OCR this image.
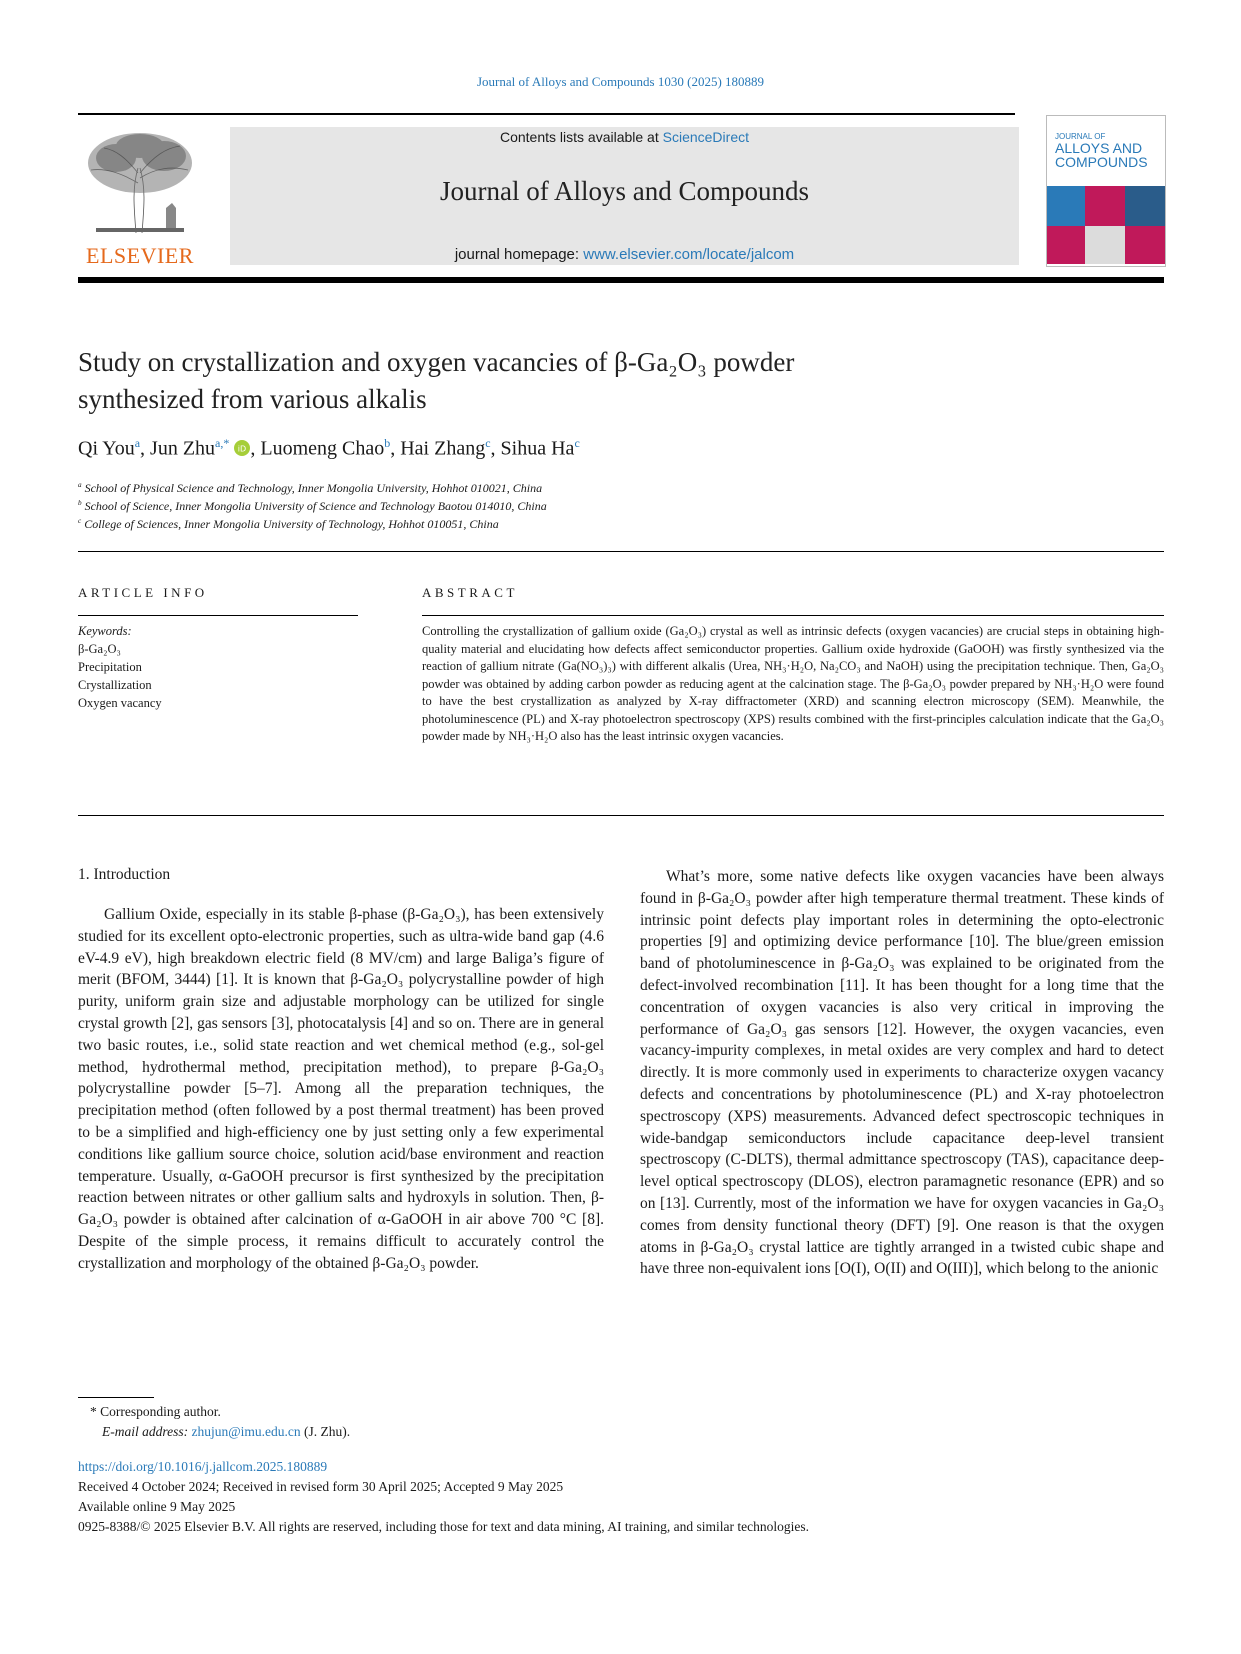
Journal of Alloys and Compounds 1030 (2025) 180889
ELSEVIER
Contents lists available at ScienceDirect
Journal of Alloys and Compounds
journal homepage: www.elsevier.com/locate/jalcom
JOURNAL OF
ALLOYS AND
COMPOUNDS
Study on crystallization and oxygen vacancies of β-Ga₂O₃ powder
synthesized from various alkalis
Qi You$^a$, Jun Zhu$^{a,*}$ iD , Luomeng Chao$^b$, Hai Zhang$^c$, Sihua Ha$^c$
$^a$ School of Physical Science and Technology, Inner Mongolia University, Hohhot 010021, China
$^b$ School of Science, Inner Mongolia University of Science and Technology Baotou 014010, China
$^c$ College of Sciences, Inner Mongolia University of Technology, Hohhot 010051, China
ARTICLE INFO	ABSTRACT
Keywords:
β-Ga₂O₃
Precipitation
Crystallization
Oxygen vacancy
Controlling the crystallization of gallium oxide (Ga₂O₃) crystal as well as intrinsic defects (oxygen vacancies) are crucial steps in obtaining high-quality material and elucidating how defects affect semiconductor properties. Gallium oxide hydroxide (GaOOH) was firstly synthesized via the reaction of gallium nitrate (Ga(NO₃)₃) with different alkalis (Urea, NH₃·H₂O, Na₂CO₃ and NaOH) using the precipitation technique. Then, Ga₂O₃ powder was obtained by adding carbon powder as reducing agent at the calcination stage. The β-Ga₂O₃ powder prepared by NH₃·H₂O were found to have the best crystallization as analyzed by X-ray diffractometer (XRD) and scanning electron microscopy (SEM). Meanwhile, the photoluminescence (PL) and X-ray photoelectron spectroscopy (XPS) results combined with the first-principles calculation indicate that the Ga₂O₃ powder made by NH₃·H₂O also has the least intrinsic oxygen vacancies.
1. Introduction

Gallium Oxide, especially in its stable β-phase (β-Ga₂O₃), has been extensively studied for its excellent opto-electronic properties, such as ultra-wide band gap (4.6 eV-4.9 eV), high breakdown electric field (8 MV/cm) and large Baliga’s figure of merit (BFOM, 3444) [1]. It is known that β-Ga₂O₃ polycrystalline powder of high purity, uniform grain size and adjustable morphology can be utilized for single crystal growth [2], gas sensors [3], photocatalysis [4] and so on. There are in general two basic routes, i.e., solid state reaction and wet chemical method (e.g., sol-gel method, hydrothermal method, precipitation method), to prepare β-Ga₂O₃ polycrystalline powder [5–7]. Among all the preparation techniques, the precipitation method (often followed by a post thermal treatment) has been proved to be a simplified and high-efficiency one by just setting only a few experimental conditions like gallium source choice, solution acid/base environment and reaction temperature. Usually, α-GaOOH precursor is first synthesized by the precipitation reaction between nitrates or other gallium salts and hydroxyls in solution. Then, β-Ga₂O₃ powder is obtained after calcination of α-GaOOH in air above 700 °C [8]. Despite of the simple process, it remains difficult to accurately control the crystallization and morphology of the obtained β-Ga₂O₃ powder.

What’s more, some native defects like oxygen vacancies have been always found in β-Ga₂O₃ powder after high temperature thermal treatment. These kinds of intrinsic point defects play important roles in determining the opto-electronic properties [9] and optimizing device performance [10]. The blue/green emission band of photoluminescence in β-Ga₂O₃ was explained to be originated from the defect-involved recombination [11]. It has been thought for a long time that the concentration of oxygen vacancies is also very critical in improving the performance of Ga₂O₃ gas sensors [12]. However, the oxygen vacancies, even vacancy-impurity complexes, in metal oxides are very complex and hard to detect directly. It is more commonly used in experiments to characterize oxygen vacancy defects and concentrations by photoluminescence (PL) and X-ray photoelectron spectroscopy (XPS) measurements. Advanced defect spectroscopic techniques in wide-bandgap semiconductors include capacitance deep-level transient spectroscopy (C-DLTS), thermal admittance spectroscopy (TAS), capacitance deep-level optical spectroscopy (DLOS), electron paramagnetic resonance (EPR) and so on [13]. Currently, most of the information we have for oxygen vacancies in Ga₂O₃ comes from density functional theory (DFT) [9]. One reason is that the oxygen atoms in β-Ga₂O₃ crystal lattice are tightly arranged in a twisted cubic shape and have three non-equivalent ions [O(I), O(II) and O(III)], which belong to the anionic

* Corresponding author.
E-mail address: zhujun@imu.edu.cn (J. Zhu).
https://doi.org/10.1016/j.jallcom.2025.180889
Received 4 October 2024; Received in revised form 30 April 2025; Accepted 9 May 2025
Available online 9 May 2025
0925-8388/© 2025 Elsevier B.V. All rights are reserved, including those for text and data mining, AI training, and similar technologies.
